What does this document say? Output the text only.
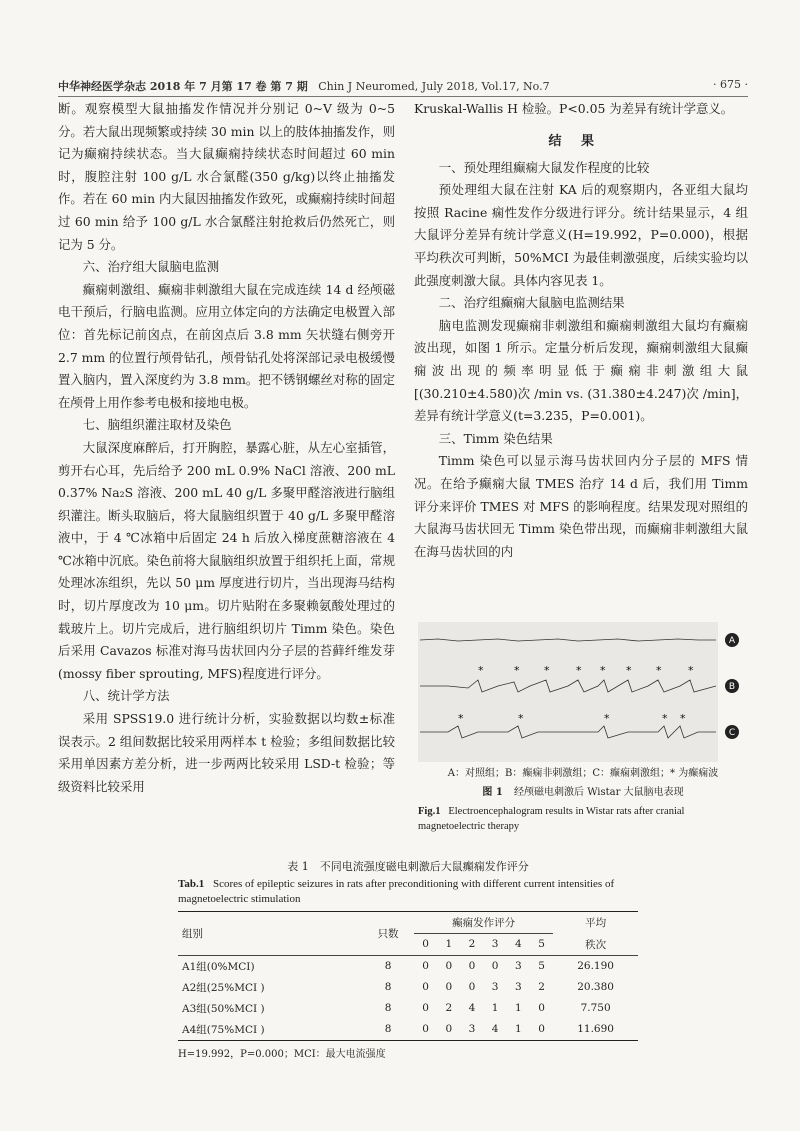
中华神经医学杂志 2018 年 7 月第 17 卷 第 7 期 Chin J Neuromed, July 2018, Vol.17, No.7	· 675 ·

断。观察模型大鼠抽搐发作情况并分别记 0~V 级为 0~5 分。若大鼠出现频繁或持续 30 min 以上的肢体抽搐发作，则记为癫痫持续状态。当大鼠癫痫持续状态时间超过 60 min 时，腹腔注射 100 g/L 水合氯醛(350 g/kg)以终止抽搐发作。若在 60 min 内大鼠因抽搐发作致死，或癫痫持续时间超过 60 min 给予 100 g/L 水合氯醛注射抢救后仍然死亡，则记为 5 分。

六、治疗组大鼠脑电监测

癫痫刺激组、癫痫非刺激组大鼠在完成连续 14 d 经颅磁电干预后，行脑电监测。应用立体定向的方法确定电极置入部位：首先标记前囟点，在前囟点后 3.8 mm 矢状缝右侧旁开 2.7 mm 的位置行颅骨钻孔，颅骨钻孔处将深部记录电极缓慢置入脑内，置入深度约为 3.8 mm。把不锈钢螺丝对称的固定在颅骨上用作参考电极和接地电极。

七、脑组织灌注取材及染色

大鼠深度麻醉后，打开胸腔，暴露心脏，从左心室插管，剪开右心耳，先后给予 200 mL 0.9% NaCl 溶液、200 mL 0.37% Na₂S 溶液、200 mL 40 g/L 多聚甲醛溶液进行脑组织灌注。断头取脑后，将大鼠脑组织置于 40 g/L 多聚甲醛溶液中，于 4 ℃冰箱中后固定 24 h 后放入梯度蔗糖溶液在 4 ℃冰箱中沉底。染色前将大鼠脑组织放置于组织托上面，常规处理冰冻组织，先以 50 μm 厚度进行切片，当出现海马结构时，切片厚度改为 10 μm。切片贴附在多聚赖氨酸处理过的载玻片上。切片完成后，进行脑组织切片 Timm 染色。染色后采用 Cavazos 标准对海马齿状回内分子层的苔藓纤维发芽 (mossy fiber sprouting, MFS)程度进行评分。

八、统计学方法

采用 SPSS19.0 进行统计分析，实验数据以均数±标准误表示。2 组间数据比较采用两样本 t 检验；多组间数据比较采用单因素方差分析，进一步两两比较采用 LSD-t 检验；等级资料比较采用

Kruskal-Wallis H 检验。P<0.05 为差异有统计学意义。

结果
一、预处理组癫痫大鼠发作程度的比较

预处理组大鼠在注射 KA 后的观察期内，各亚组大鼠均按照 Racine 痫性发作分级进行评分。统计结果显示，4 组大鼠评分差异有统计学意义(H=19.992，P=0.000)，根据平均秩次可判断，50%MCI 为最佳刺激强度，后续实验均以此强度刺激大鼠。具体内容见表 1。

二、治疗组癫痫大鼠脑电监测结果

脑电监测发现癫痫非刺激组和癫痫刺激组大鼠均有癫痫波出现，如图 1 所示。定量分析后发现，癫痫刺激组大鼠癫痫波出现的频率明显低于癫痫非刺激组大鼠[(30.210±4.580)次 /min vs. (31.380±4.247)次 /min]，差异有统计学意义(t=3.235，P=0.001)。

三、Timm 染色结果

Timm 染色可以显示海马齿状回内分子层的 MFS 情况。在给予癫痫大鼠 TMES 治疗 14 d 后，我们用 Timm 评分来评价 TMES 对 MFS 的影响程度。结果发现对照组的大鼠海马齿状回无 Timm 染色带出现，而癫痫非刺激组大鼠在海马齿状回的内

*	* * * * * * *
*	*	*	* *
A
B
C
A：对照组；B：癫痫非刺激组；C：癫痫刺激组；* 为癫痫波
图 1 经颅磁电刺激后 Wistar 大鼠脑电表现
Fig.1 Electroencephalogram results in Wistar rats after cranial magnetoelectric therapy
表 1　不同电流强度磁电刺激后大鼠癫痫发作评分
Tab.1 Scores of epileptic seizures in rats after preconditioning with different current intensities of magnetoelectric stimulation
组别	只数	癫痫发作评分						平均
		0	1	2	3	4	5	秩次
A1组(0%MCI)	8	0	0	0	0	3	5	26.190
A2组(25%MCI )	8	0	0	0	3	3	2	20.380
A3组(50%MCI )	8	0	2	4	1	1	0	7.750
A4组(75%MCI )	8	0	0	3	4	1	0	11.690
H=19.992，P=0.000；MCI：最大电流强度
